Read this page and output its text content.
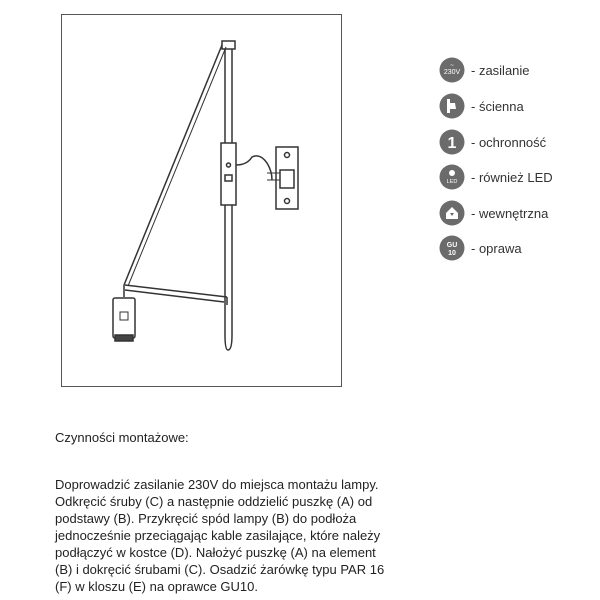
~
230V - zasilanie
- ścienna
1 - ochronność
LED - również LED
- wewnętrzna
GU
10 - oprawa
Czynności montażowe:
Doprowadzić zasilanie 230V do miejsca montażu lampy. Odkręcić śruby (C) a następnie oddzielić puszkę (A) od podstawy (B). Przykręcić spód lampy (B) do podłoża jednocześnie przeciągając kable zasilające, które należy podłączyć w kostce (D). Nałożyć puszkę (A) na element (B) i dokręcić śrubami (C). Osadzić żarówkę typu PAR 16 (F) w kloszu (E) na oprawce GU10.
